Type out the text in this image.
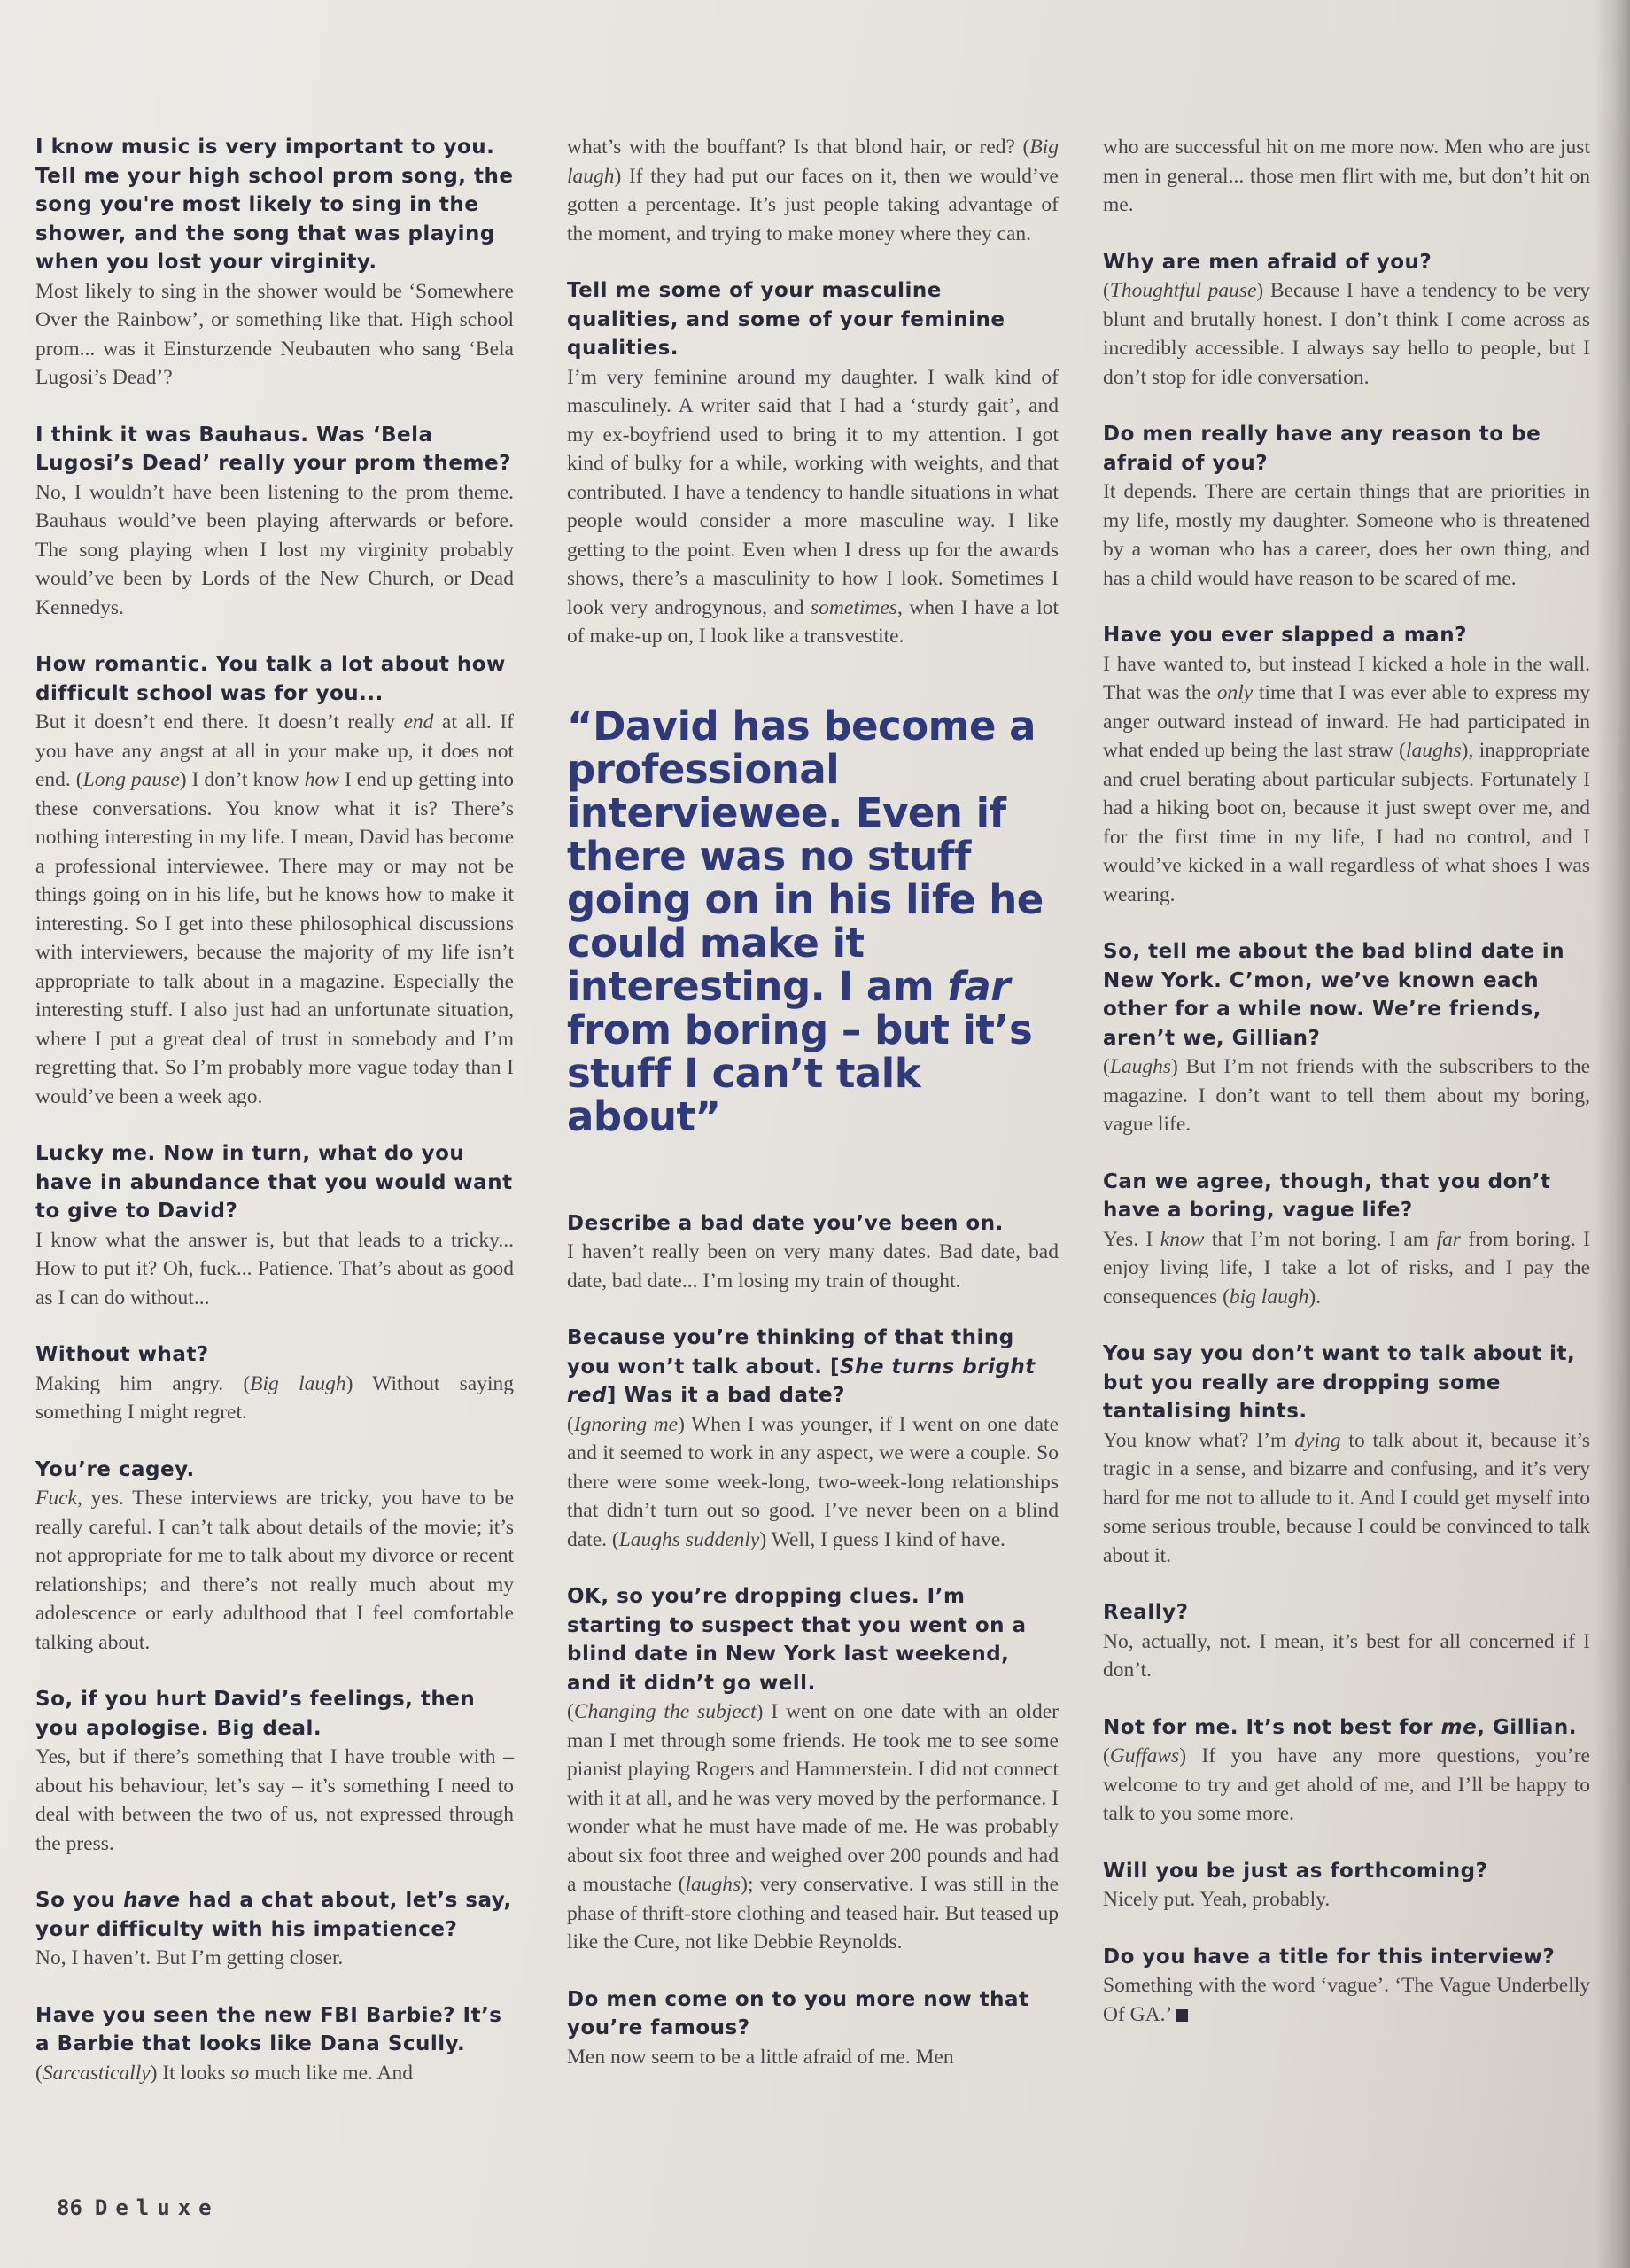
I know music is very important to you. Tell me your high school prom song, the song you're most likely to sing in the shower, and the song that was playing when you lost your virginity.

Most likely to sing in the shower would be ‘Somewhere Over the Rainbow’, or something like that. High school prom... was it Einsturzende Neubauten who sang ‘Bela Lugosi’s Dead’?

I think it was Bauhaus. Was ‘Bela Lugosi’s Dead’ really your prom theme?

No, I wouldn’t have been listening to the prom theme. Bauhaus would’ve been playing afterwards or before. The song playing when I lost my virginity probably would’ve been by Lords of the New Church, or Dead Kennedys.

How romantic. You talk a lot about how difficult school was for you...

But it doesn’t end there. It doesn’t really end at all. If you have any angst at all in your make up, it does not end. (Long pause) I don’t know how I end up getting into these conversations. You know what it is? There’s nothing interesting in my life. I mean, David has become a professional interviewee. There may or may not be things going on in his life, but he knows how to make it interesting. So I get into these philosophical discussions with interviewers, because the majority of my life isn’t appropriate to talk about in a magazine. Especially the interesting stuff. I also just had an unfortunate situation, where I put a great deal of trust in somebody and I’m regretting that. So I’m probably more vague today than I would’ve been a week ago.

Lucky me. Now in turn, what do you have in abundance that you would want to give to David?

I know what the answer is, but that leads to a tricky... How to put it? Oh, fuck... Patience. That’s about as good as I can do without...

Without what?

Making him angry. (Big laugh) Without saying something I might regret.

You’re cagey.

Fuck, yes. These interviews are tricky, you have to be really careful. I can’t talk about details of the movie; it’s not appropriate for me to talk about my divorce or recent relationships; and there’s not really much about my adolescence or early adulthood that I feel comfortable talking about.

So, if you hurt David’s feelings, then you apologise. Big deal.

Yes, but if there’s something that I have trouble with – about his behaviour, let’s say – it’s something I need to deal with between the two of us, not expressed through the press.

So you have had a chat about, let’s say, your difficulty with his impatience?

No, I haven’t. But I’m getting closer.

Have you seen the new FBI Barbie? It’s a Barbie that looks like Dana Scully.

(Sarcastically) It looks so much like me. And

what’s with the bouffant? Is that blond hair, or red? (Big laugh) If they had put our faces on it, then we would’ve gotten a percentage. It’s just people taking advantage of the moment, and trying to make money where they can.

Tell me some of your masculine qualities, and some of your feminine qualities.

I’m very feminine around my daughter. I walk kind of masculinely. A writer said that I had a ‘sturdy gait’, and my ex-boyfriend used to bring it to my attention. I got kind of bulky for a while, working with weights, and that contributed. I have a tendency to handle situations in what people would consider a more masculine way. I like getting to the point. Even when I dress up for the awards shows, there’s a masculinity to how I look. Sometimes I look very androgynous, and sometimes, when I have a lot of make-up on, I look like a transvestite.

“David has become a professional interviewee. Even if there was no stuff going on in his life he could make it interesting. I am far from boring – but it’s stuff I can’t talk about”

Describe a bad date you’ve been on.

I haven’t really been on very many dates. Bad date, bad date, bad date... I’m losing my train of thought.

Because you’re thinking of that thing you won’t talk about. [She turns bright red] Was it a bad date?

(Ignoring me) When I was younger, if I went on one date and it seemed to work in any aspect, we were a couple. So there were some week-long, two-week-long relationships that didn’t turn out so good. I’ve never been on a blind date. (Laughs suddenly) Well, I guess I kind of have.

OK, so you’re dropping clues. I’m starting to suspect that you went on a blind date in New York last weekend, and it didn’t go well.

(Changing the subject) I went on one date with an older man I met through some friends. He took me to see some pianist playing Rogers and Hammerstein. I did not connect with it at all, and he was very moved by the performance. I wonder what he must have made of me. He was probably about six foot three and weighed over 200 pounds and had a moustache (laughs); very conservative. I was still in the phase of thrift-store clothing and teased hair. But teased up like the Cure, not like Debbie Reynolds.

Do men come on to you more now that you’re famous?

Men now seem to be a little afraid of me. Men

who are successful hit on me more now. Men who are just men in general... those men flirt with me, but don’t hit on me.

Why are men afraid of you?

(Thoughtful pause) Because I have a tendency to be very blunt and brutally honest. I don’t think I come across as incredibly accessible. I always say hello to people, but I don’t stop for idle conversation.

Do men really have any reason to be afraid of you?

It depends. There are certain things that are priorities in my life, mostly my daughter. Someone who is threatened by a woman who has a career, does her own thing, and has a child would have reason to be scared of me.

Have you ever slapped a man?

I have wanted to, but instead I kicked a hole in the wall. That was the only time that I was ever able to express my anger outward instead of inward. He had participated in what ended up being the last straw (laughs), inappropriate and cruel berating about particular subjects. Fortunately I had a hiking boot on, because it just swept over me, and for the first time in my life, I had no control, and I would’ve kicked in a wall regardless of what shoes I was wearing.

So, tell me about the bad blind date in New York. C’mon, we’ve known each other for a while now. We’re friends, aren’t we, Gillian?

(Laughs) But I’m not friends with the subscribers to the magazine. I don’t want to tell them about my boring, vague life.

Can we agree, though, that you don’t have a boring, vague life?

Yes. I know that I’m not boring. I am far from boring. I enjoy living life, I take a lot of risks, and I pay the consequences (big laugh).

You say you don’t want to talk about it, but you really are dropping some tantalising hints.

You know what? I’m dying to talk about it, because it’s tragic in a sense, and bizarre and confusing, and it’s very hard for me not to allude to it. And I could get myself into some serious trouble, because I could be convinced to talk about it.

Really?

No, actually, not. I mean, it’s best for all concerned if I don’t.

Not for me. It’s not best for me, Gillian.

(Guffaws) If you have any more questions, you’re welcome to try and get ahold of me, and I’ll be happy to talk to you some more.

Will you be just as forthcoming?

Nicely put. Yeah, probably.

Do you have a title for this interview?

Something with the word ‘vague’. ‘The Vague Underbelly Of GA.’

86 Deluxe
